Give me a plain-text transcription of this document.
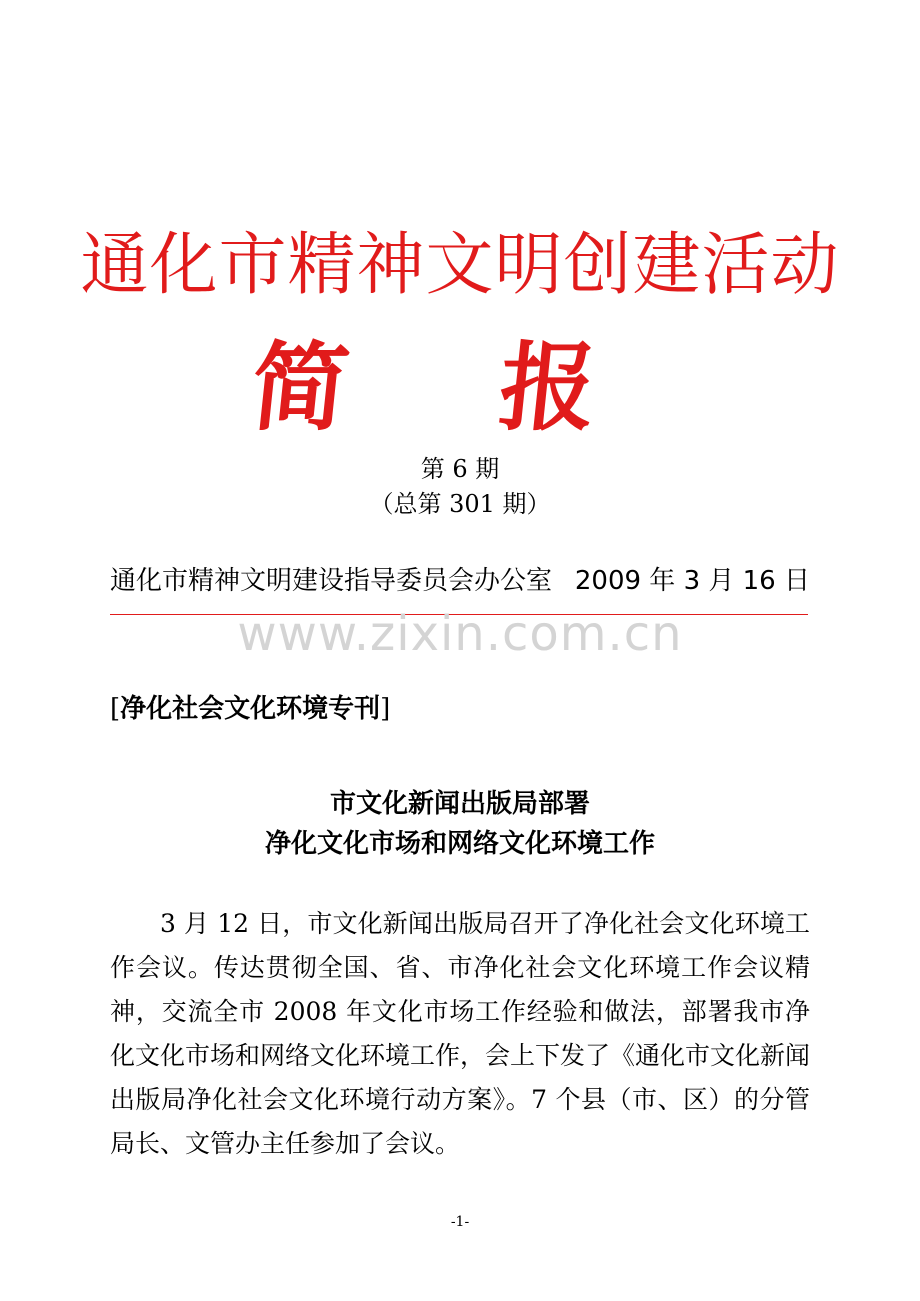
通化市精神文明创建活动
简 报
第 6 期
（总第 301 期）
通化市精神文明建设指导委员会办公室 2009 年 3 月 16 日
www.zixin.com.cn
[净化社会文化环境专刊]
市文化新闻出版局部署
净化文化市场和网络文化环境工作

3 月 12 日，市文化新闻出版局召开了净化社会文化环境工作会议。传达贯彻全国、省、市净化社会文化环境工作会议精神，交流全市 2008 年文化市场工作经验和做法，部署我市净化文化市场和网络文化环境工作，会上下发了《通化市文化新闻出版局净化社会文化环境行动方案》。7 个县（市、区）的分管局长、文管办主任参加了会议。

-1-
